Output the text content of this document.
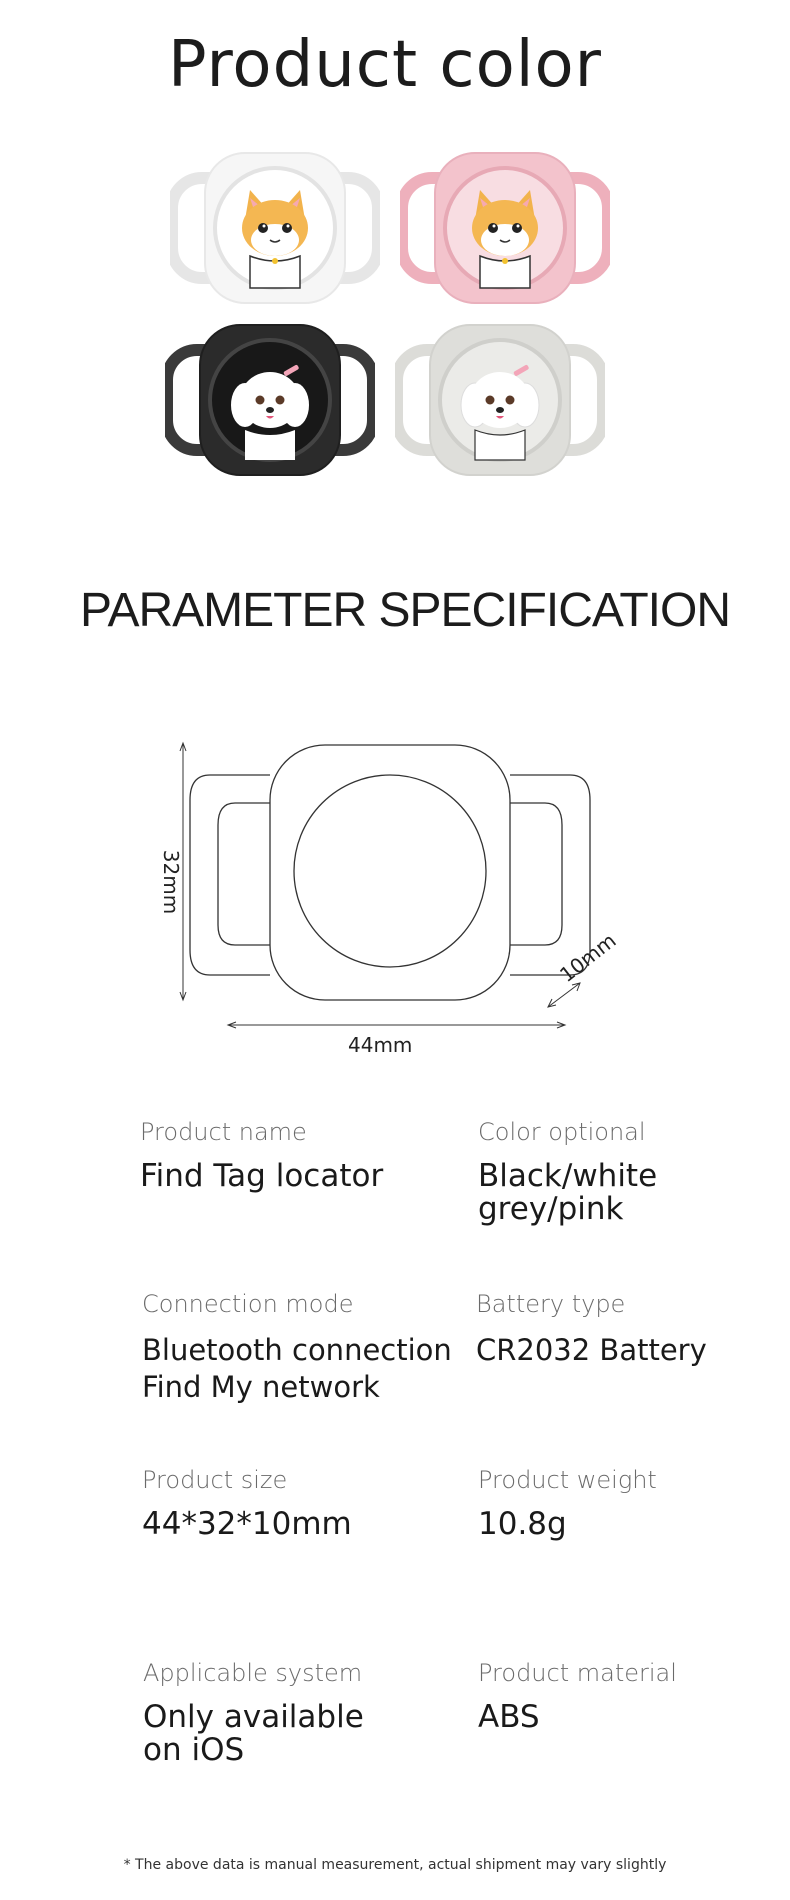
Product color
PARAMETER SPECIFICATION
44mm
32mm
10mm
Product name
Find Tag locator
Color optional
Black/white
grey/pink
Connection mode
Bluetooth connection
Find My network
Battery type
CR2032 Battery
Product size
44*32*10mm
Product weight
10.8g
Applicable system
Only available
on iOS
Product material
ABS
* The above data is manual measurement, actual shipment may vary slightly
